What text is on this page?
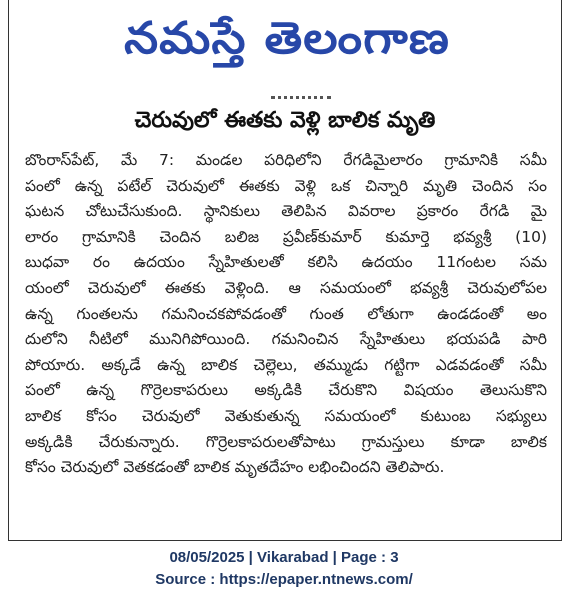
నమస్తే తెలంగాణ
చెరువులో ఈతకు వెళ్లి బాలిక మృతి

బొంరాస్‌పేట్, మే 7: మండల పరిధిలోని రేగడిమైలారం గ్రామానికి సమీ

పంలో ఉన్న పటేల్ చెరువులో ఈతకు వెళ్లి ఒక చిన్నారి మృతి చెందిన సం

ఘటన చోటుచేసుకుంది. స్థానికులు తెలిపిన వివరాల ప్రకారం రేగడి మై

లారం గ్రామానికి చెందిన బలిజ ప్రవీణ్‌కుమార్ కుమార్తె భవ్యశ్రీ (10)

బుధవా రం ఉదయం స్నేహితులతో కలిసి ఉదయం 11గంటల సమ

యంలో చెరువులో ఈతకు వెళ్లింది. ఆ సమయంలో భవ్యశ్రీ చెరువులోపల

ఉన్న గుంతలను గమనించకపోవడంతో గుంత లోతుగా ఉండడంతో అం

దులోని నీటిలో మునిగిపోయింది. గమనించిన స్నేహితులు భయపడి పారి

పోయారు. అక్కడే ఉన్న బాలిక చెల్లెలు, తమ్ముడు గట్టిగా ఎడవడంతో సమీ

పంలో ఉన్న గొర్రెలకాపరులు అక్కడికి చేరుకొని విషయం తెలుసుకొని

బాలిక కోసం చెరువులో వెతుకుతున్న సమయంలో కుటుంబ సభ్యులు

అక్కడికి చేరుకున్నారు. గొర్రెలకాపరులతోపాటు గ్రామస్తులు కూడా బాలిక

కోసం చెరువులో వెతకడంతో బాలిక మృతదేహం లభించిందని తెలిపారు.

08/05/2025 | Vikarabad | Page : 3
Source : https://epaper.ntnews.com/
